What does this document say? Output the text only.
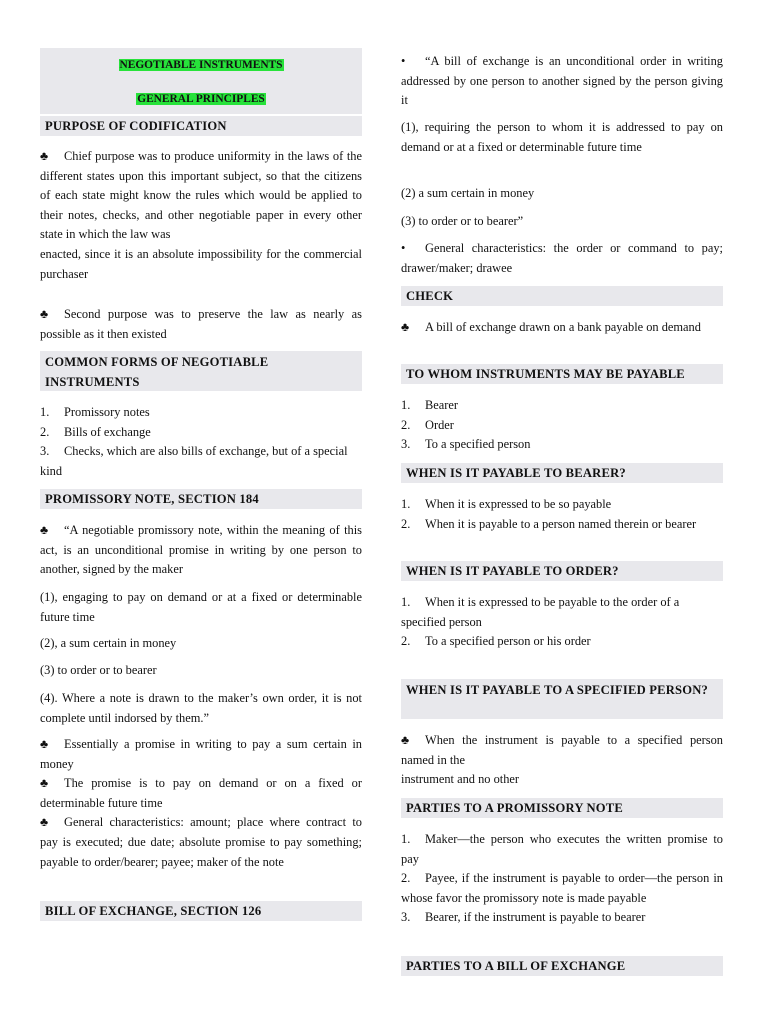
NEGOTIABLE INSTRUMENTS
GENERAL PRINCIPLES
PURPOSE OF CODIFICATION

♣ Chief purpose was to produce uniformity in the laws of the different states upon this important subject, so that the citizens of each state might know the rules which would be applied to their notes, checks, and other negotiable paper in every other state in which the law was

enacted, since it is an absolute impossibility for the commercial purchaser

♣ Second purpose was to preserve the law as nearly as possible as it then existed

COMMON FORMS OF NEGOTIABLE INSTRUMENTS

1. Promissory notes

2. Bills of exchange

3. Checks, which are also bills of exchange, but of a special kind

PROMISSORY NOTE, SECTION 184

♣ “A negotiable promissory note, within the meaning of this act, is an unconditional promise in writing by one person to another, signed by the maker

(1), engaging to pay on demand or at a fixed or determinable future time
(2), a sum certain in money
(3) to order or to bearer
(4). Where a note is drawn to the maker’s own order, it is not complete until indorsed by them.”

♣ Essentially a promise in writing to pay a sum certain in money

♣ The promise is to pay on demand or on a fixed or determinable future time

♣ General characteristics: amount; place where contract to pay is executed; due date; absolute promise to pay something; payable to order/bearer; payee; maker of the note

BILL OF EXCHANGE, SECTION 126

• “A bill of exchange is an unconditional order in writing addressed by one person to another signed by the person giving it

(1), requiring the person to whom it is addressed to pay on demand or at a fixed or determinable future time
(2) a sum certain in money
(3) to order or to bearer”

• General characteristics: the order or command to pay; drawer/maker; drawee

CHECK

♣ A bill of exchange drawn on a bank payable on demand

TO WHOM INSTRUMENTS MAY BE PAYABLE

1. Bearer

2. Order

3. To a specified person

WHEN IS IT PAYABLE TO BEARER?

1. When it is expressed to be so payable

2. When it is payable to a person named therein or bearer

WHEN IS IT PAYABLE TO ORDER?

1. When it is expressed to be payable to the order of a specified person

2. To a specified person or his order

WHEN IS IT PAYABLE TO A SPECIFIED PERSON?

♣ When the instrument is payable to a specified person named in the

instrument and no other

PARTIES TO A PROMISSORY NOTE

1. Maker—the person who executes the written promise to pay

2. Payee, if the instrument is payable to order—the person in whose favor the promissory note is made payable

3. Bearer, if the instrument is payable to bearer

PARTIES TO A BILL OF EXCHANGE
